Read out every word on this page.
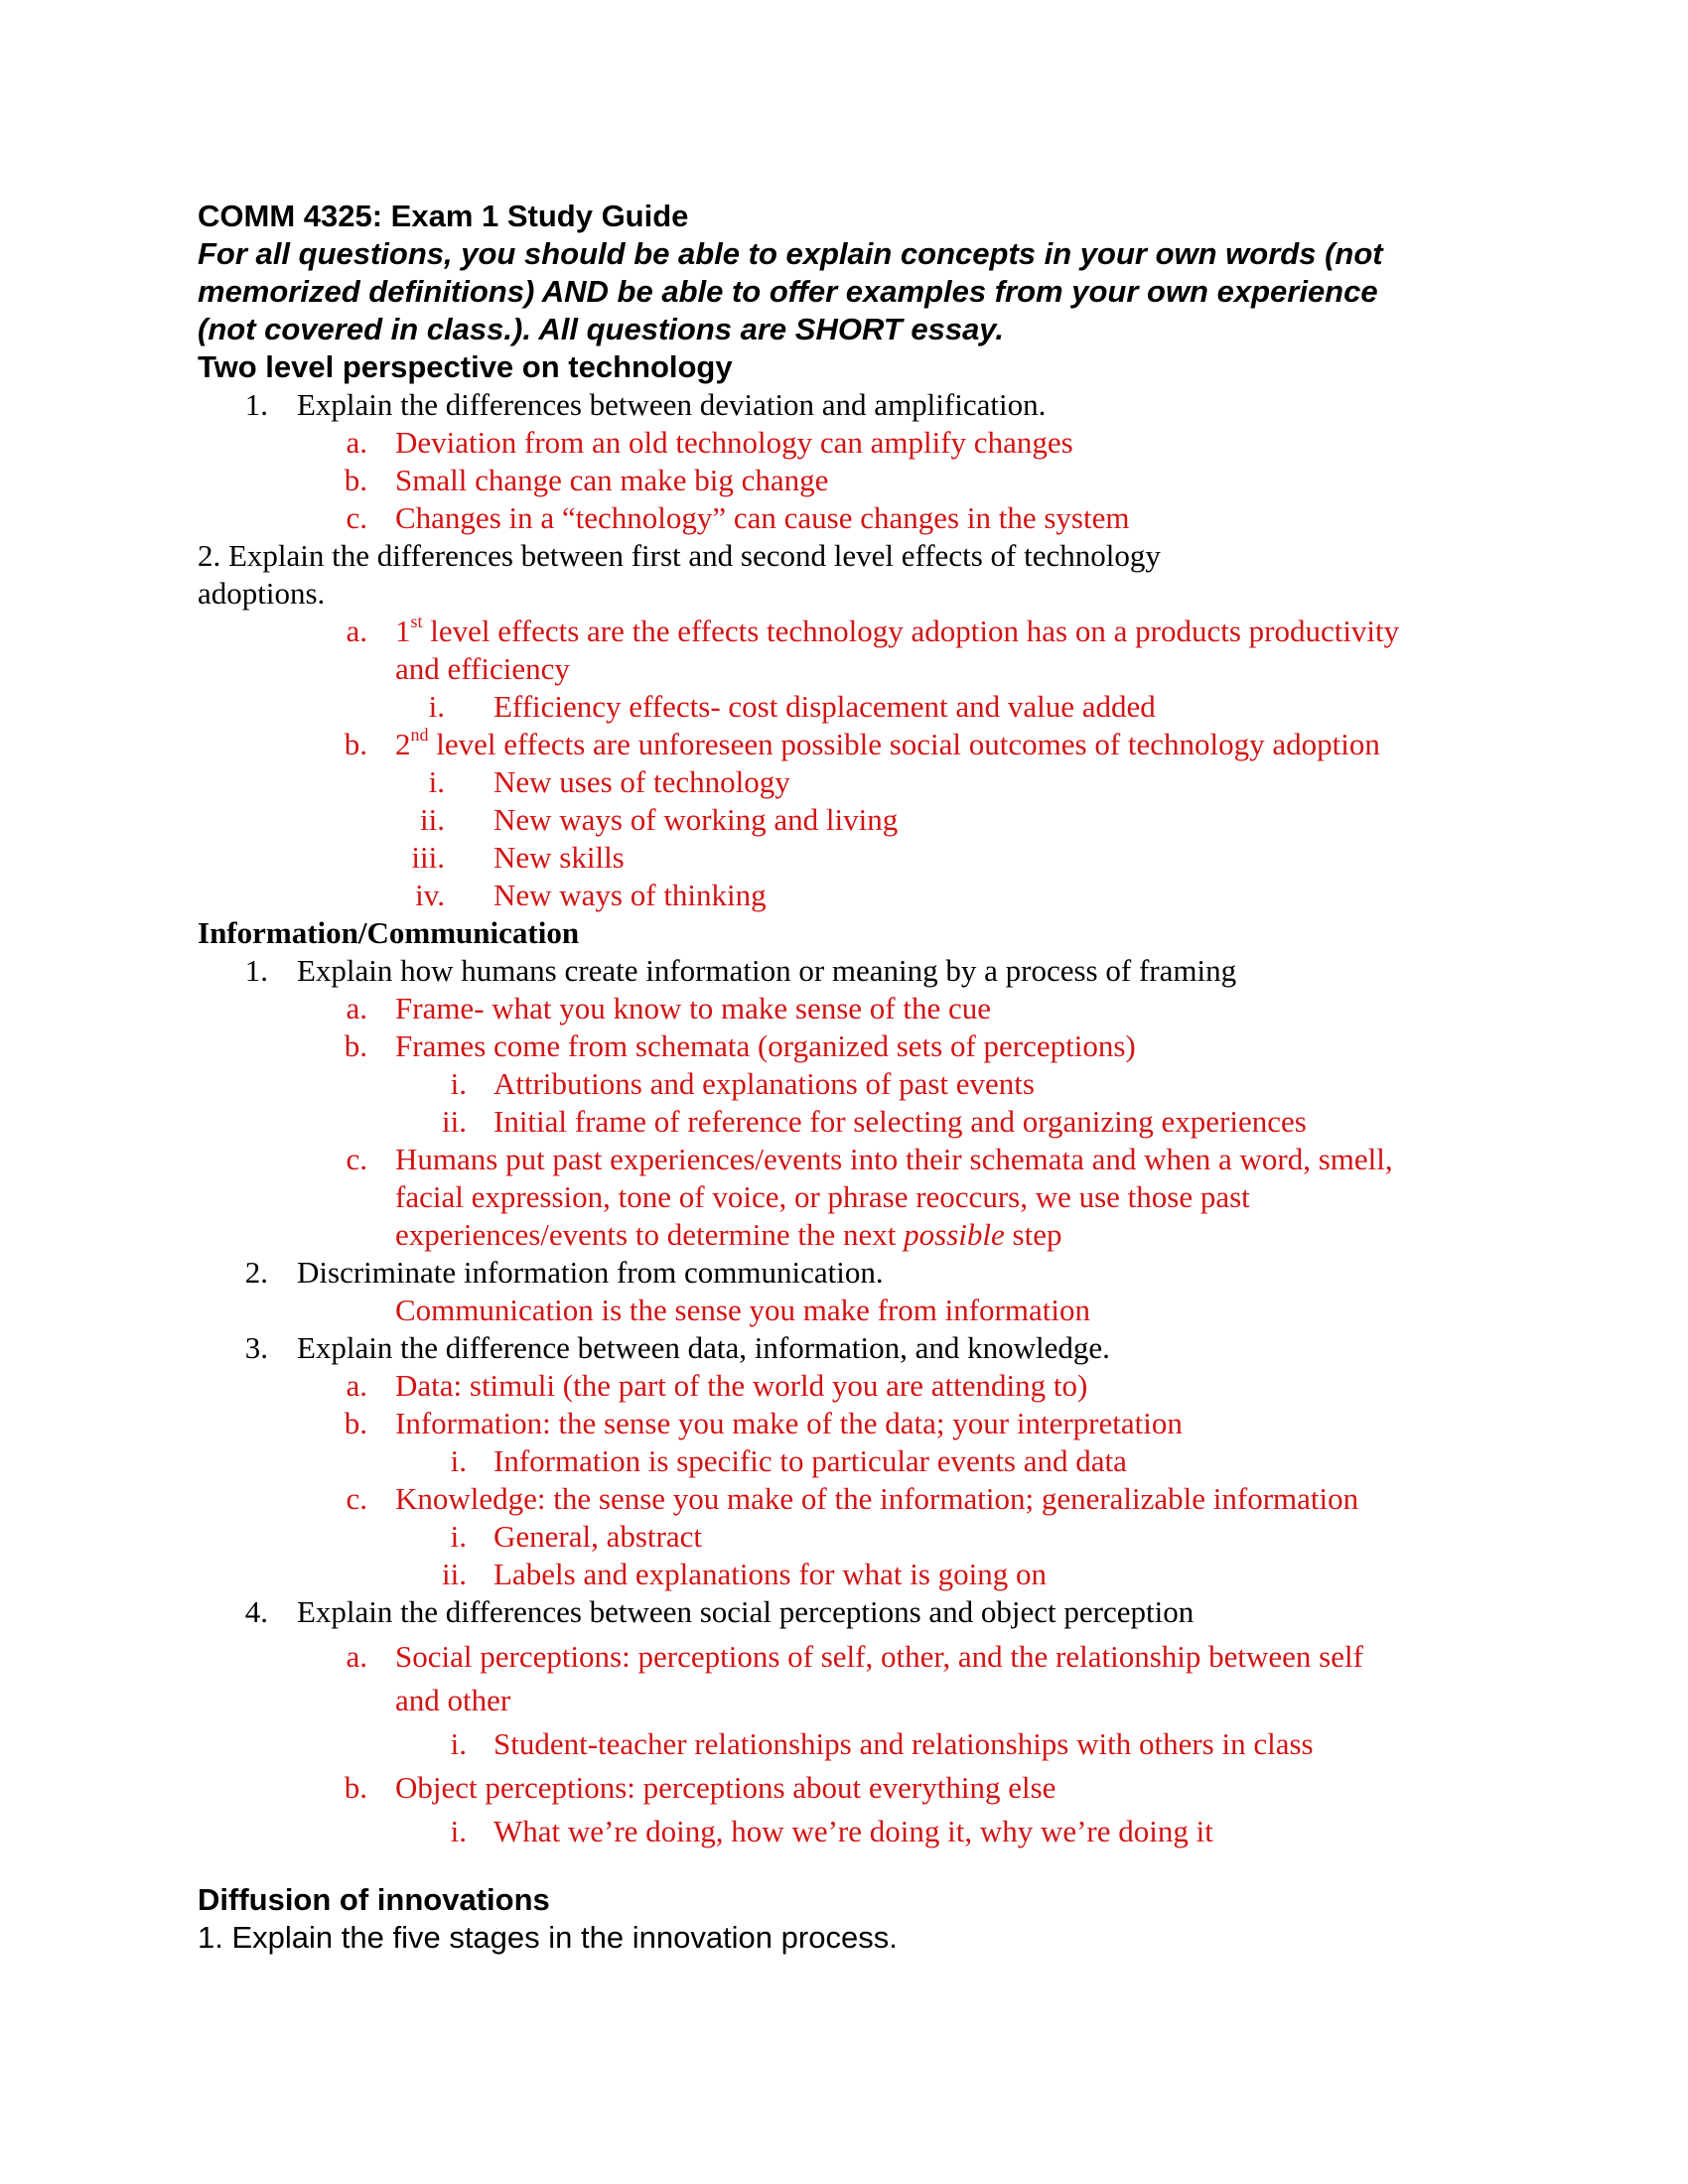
COMM 4325: Exam 1 Study Guide
For all questions, you should be able to explain concepts in your own words (not
memorized definitions) AND be able to offer examples from your own experience
(not covered in class.). All questions are SHORT essay.
Two level perspective on technology
1. Explain the differences between deviation and amplification.
a. Deviation from an old technology can amplify changes
b. Small change can make big change
c. Changes in a “technology” can cause changes in the system
2. Explain the differences between first and second level effects of technology
adoptions.
a. 1st level effects are the effects technology adoption has on a products productivity
and efficiency
i. Efficiency effects- cost displacement and value added
b. 2nd level effects are unforeseen possible social outcomes of technology adoption
i. New uses of technology
ii. New ways of working and living
iii. New skills
iv. New ways of thinking
Information/Communication
1. Explain how humans create information or meaning by a process of framing
a. Frame- what you know to make sense of the cue
b. Frames come from schemata (organized sets of perceptions)
i. Attributions and explanations of past events
ii. Initial frame of reference for selecting and organizing experiences
c. Humans put past experiences/events into their schemata and when a word, smell,
facial expression, tone of voice, or phrase reoccurs, we use those past
experiences/events to determine the next possible step
2. Discriminate information from communication.
Communication is the sense you make from information
3. Explain the difference between data, information, and knowledge.
a. Data: stimuli (the part of the world you are attending to)
b. Information: the sense you make of the data; your interpretation
i. Information is specific to particular events and data
c. Knowledge: the sense you make of the information; generalizable information
i. General, abstract
ii. Labels and explanations for what is going on
4. Explain the differences between social perceptions and object perception
a. Social perceptions: perceptions of self, other, and the relationship between self
and other
i. Student-teacher relationships and relationships with others in class
b. Object perceptions: perceptions about everything else
i. What we’re doing, how we’re doing it, why we’re doing it
Diffusion of innovations
1. Explain the five stages in the innovation process.
